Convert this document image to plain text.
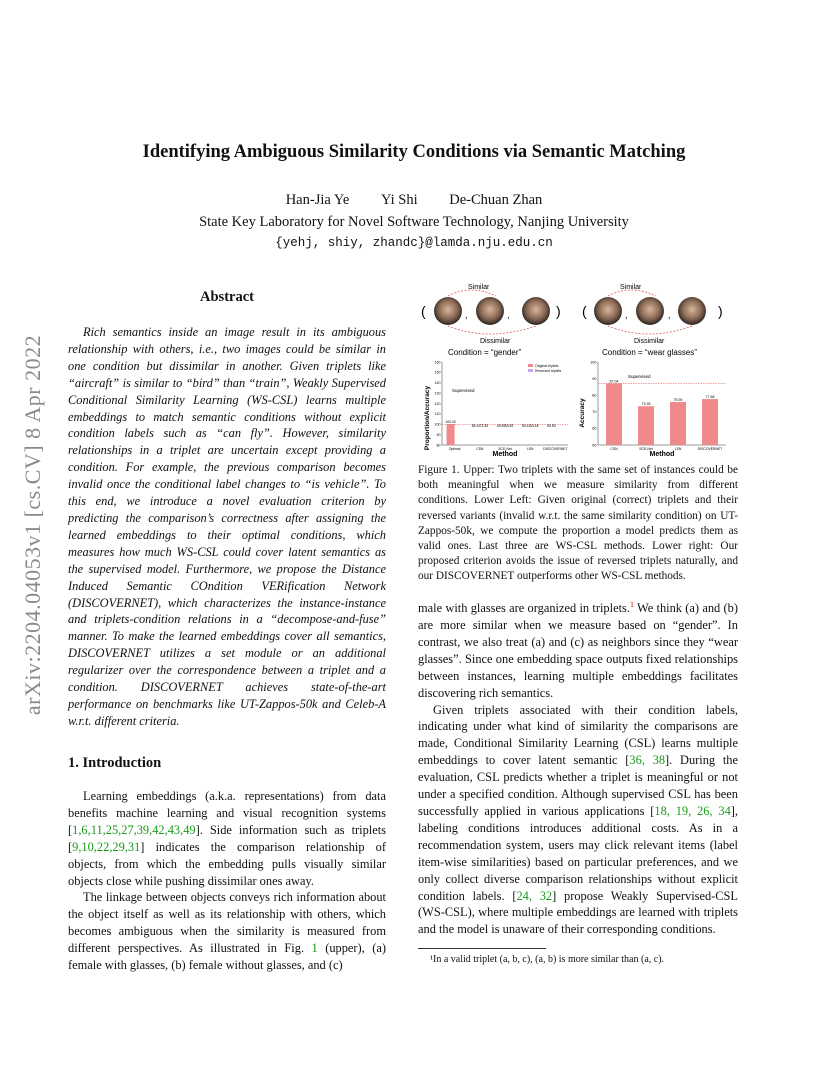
arXiv:2204.04053v1 [cs.CV] 8 Apr 2022
Identifying Ambiguous Similarity Conditions via Semantic Matching
Han-Jia Ye Yi Shi De-Chuan Zhan
State Key Laboratory for Novel Software Technology, Nanjing University
{yehj, shiy, zhandc}@lamda.nju.edu.cn
Abstract

Rich semantics inside an image result in its ambiguous relationship with others, i.e., two images could be similar in one condition but dissimilar in another. Given triplets like “aircraft” is similar to “bird” than “train”, Weakly Supervised Conditional Similarity Learning (WS-CSL) learns multiple embeddings to match semantic conditions without explicit condition labels such as “can fly”. However, similarity relationships in a triplet are uncertain except providing a condition. For example, the previous comparison becomes invalid once the conditional label changes to “is vehicle”. To this end, we introduce a novel evaluation criterion by predicting the comparison’s correctness after assigning the learned embeddings to their optimal conditions, which measures how much WS-CSL could cover latent semantics as the supervised model. Furthermore, we propose the Distance Induced Semantic COndition VERification Network (DISCOVERNET), which characterizes the instance-instance and triplets-condition relations in a “decompose-and-fuse” manner. To make the learned embeddings cover all semantics, DISCOVERNET utilizes a set module or an additional regularizer over the correspondence between a triplet and a condition. DISCOVERNET achieves state-of-the-art performance on benchmarks like UT-Zappos-50k and Celeb-A w.r.t. different criteria.

1. Introduction

Learning embeddings (a.k.a. representations) from data benefits machine learning and visual recognition systems [1,6,11,25,27,39,42,43,49]. Side information such as triplets [9,10,22,29,31] indicates the comparison relationship of objects, from which the embedding pulls visually similar objects close while pushing dissimilar ones away.

The linkage between objects conveys rich information about the object itself as well as its relationship with others, which becomes ambiguous when the similarity is measured from different perspectives. As illustrated in Fig. 1 (upper), (a) female with glasses, (b) female without glasses, and (c)

Similar
(	,	,	)
Dissimilar
Condition = “gender”
Similar
(	,	,	)
Dissimilar
Condition = “wear glasses”
Proportion/Accuracy
Method
Original triplets
Reversed triplets
Supervised
80
90
100
110
120
130
140
150
160
Optimal
100.00
CSN
38.41 73.35
SCE-Net
49.00 53.59
LSN
50.41 53.48
DISCOVERNET
50.50	Accuracy
Method
Supervised
50
60
70
80
90
100
87.04
CSN
73.35
SCE-Net
75.90
LSN
77.68
DISCOVERNET
Figure 1. Upper: Two triplets with the same set of instances could be both meaningful when we measure similarity from different conditions. Lower Left: Given original (correct) triplets and their reversed variants (invalid w.r.t. the same similarity condition) on UT-Zappos-50k, we compute the proportion a model predicts them as valid ones. Last three are WS-CSL methods. Lower right: Our proposed criterion avoids the issue of reversed triplets naturally, and our DISCOVERNET outperforms other WS-CSL methods.

male with glasses are organized in triplets.$^1$ We think (a) and (b) are more similar when we measure based on “gender”. In contrast, we also treat (a) and (c) as neighbors since they “wear glasses”. Since one embedding space outputs fixed relationships between instances, learning multiple embeddings facilitates discovering rich semantics.

Given triplets associated with their condition labels, indicating under what kind of similarity the comparisons are made, Conditional Similarity Learning (CSL) learns multiple embeddings to cover latent semantic [36, 38]. During the evaluation, CSL predicts whether a triplet is meaningful or not under a specified condition. Although supervised CSL has been successfully applied in various applications [18, 19, 26, 34], labeling conditions introduces additional costs. As in a recommendation system, users may click relevant items (label item-wise similarities) based on particular preferences, and we only collect diverse comparison relationships without explicit condition labels. [24, 32] propose Weakly Supervised-CSL (WS-CSL), where multiple embeddings are learned with triplets and the model is unaware of their corresponding conditions.

¹In a valid triplet (a, b, c), (a, b) is more similar than (a, c).
